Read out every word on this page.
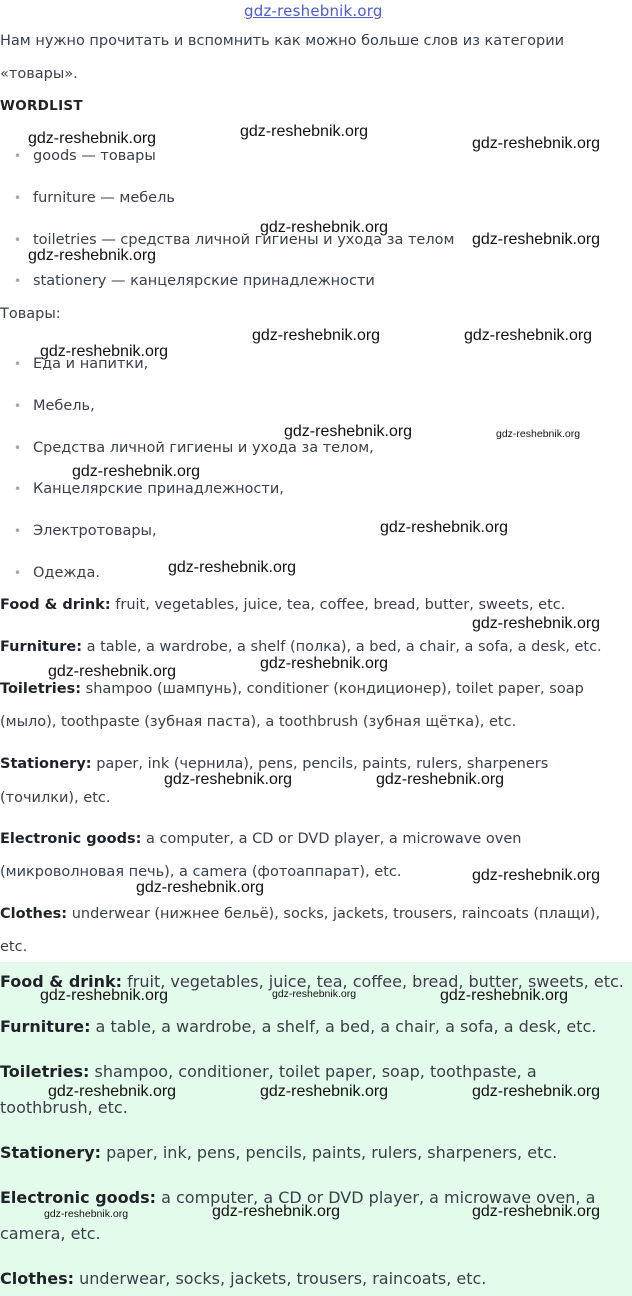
gdz-reshebnik.org
Нам нужно прочитать и вспомнить как можно больше слов из категории
«товары».
WORDLIST
• goods — товары
• furniture — мебель
• toiletries — средства личной гигиены и ухода за телом
• stationery — канцелярские принадлежности
Товары:
• Еда и напитки,
• Мебель,
• Средства личной гигиены и ухода за телом,
• Канцелярские принадлежности,
• Электротовары,
• Одежда.
Food & drink: fruit, vegetables, juice, tea, coffee, bread, butter, sweets, etc.
Furniture: a table, a wardrobe, a shelf (полка), a bed, a chair, a sofa, a desk, etc.
Toiletries: shampoo (шампунь), conditioner (кондиционер), toilet paper, soap
(мыло), toothpaste (зубная паста), a toothbrush (зубная щётка), etc.
Stationery: paper, ink (чернила), pens, pencils, paints, rulers, sharpeners
(точилки), etc.
Electronic goods: a computer, a CD or DVD player, a microwave oven
(микроволновая печь), a camera (фотоаппарат), etc.
Clothes: underwear (нижнее бельё), socks, jackets, trousers, raincoats (плащи),
etc.
Food & drink: fruit, vegetables, juice, tea, coffee, bread, butter, sweets, etc.
Furniture: a table, a wardrobe, a shelf, a bed, a chair, a sofa, a desk, etc.
Toiletries: shampoo, conditioner, toilet paper, soap, toothpaste, a
toothbrush, etc.
Stationery: paper, ink, pens, pencils, paints, rulers, sharpeners, etc.
Electronic goods: a computer, a CD or DVD player, a microwave oven, a
camera, etc.
Clothes: underwear, socks, jackets, trousers, raincoats, etc.
gdz-reshebnik.org	gdz-reshebnik.org
gdz-reshebnik.org
gdz-reshebnik.org
gdz-reshebnik.org
gdz-reshebnik.org
gdz-reshebnik.org	gdz-reshebnik.org
gdz-reshebnik.org
gdz-reshebnik.org	gdz-reshebnik.org
gdz-reshebnik.org
gdz-reshebnik.org
gdz-reshebnik.org
gdz-reshebnik.org
gdz-reshebnik.org
gdz-reshebnik.org
gdz-reshebnik.org	gdz-reshebnik.org
gdz-reshebnik.org
gdz-reshebnik.org
gdz-reshebnik.org	gdz-reshebnik.org	gdz-reshebnik.org
gdz-reshebnik.org	gdz-reshebnik.org	gdz-reshebnik.org
gdz-reshebnik.org	gdz-reshebnik.org	gdz-reshebnik.org
